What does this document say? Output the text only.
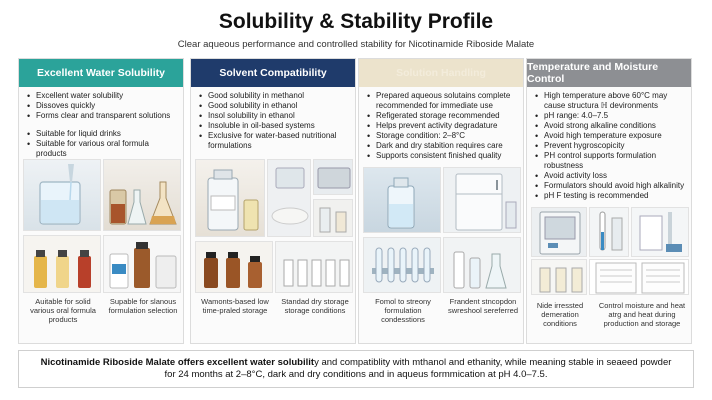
Solubility & Stability Profile
Clear aqueous performance and controlled stability for Nicotinamide Riboside Malate
Excellent Water Solubility
• Excellent water solubility
• Dissoves quickly
• Forms clear and transparent solutions
• Suitable for liquid drinks
• Suitable for various oral formula products
Auitable for solid various oral formula products
Supable for slanous formulation selection
Solvent Compatibility
• Good solubility in methanol
• Good solubility in ethanol
• Insol solubility in ethanol
• Insoluble in oil-based systems
• Exclusive for water-based nutritional formulations
Wamonts-based low time-praled storage
Standad dry storage storage conditions
Solution Handling
• Prepared aqueous solutains complete recommended for immediate use
• Refigerated storage recommended
• Helps prevent activity degradature
• Storage condition: 2–8°C
• Dark and dry stabition requires care
• Supports consistent finished quality
Fomol to streony formulation condesstions
Frandent stncopdon swreshool sereferred
Temperature and Moisture Control
• High temperature above 60°C may cause structura ℍ devironments
• pH range: 4.0–7.5
• Avoid strong alkaline conditions
• Avoid high temperature exposure
• Prevent hygroscopicity
• PH control supports formulation robustness
• Avoid activity loss
• Formulators should avoid high alkalinity
• pH F testing is recommended
Nide irressted demeration conditions
Control moisture and heat atrg and heat during production and storage
Nicotinamide Riboside Malate offers excellent water solubility and compatiblity with mthanol and ethanity, while meaning stable in seaeed powder for 24 months at 2–8°C, dark and dry conditions and in aqueus formmication at pH 4.0–7.5.
